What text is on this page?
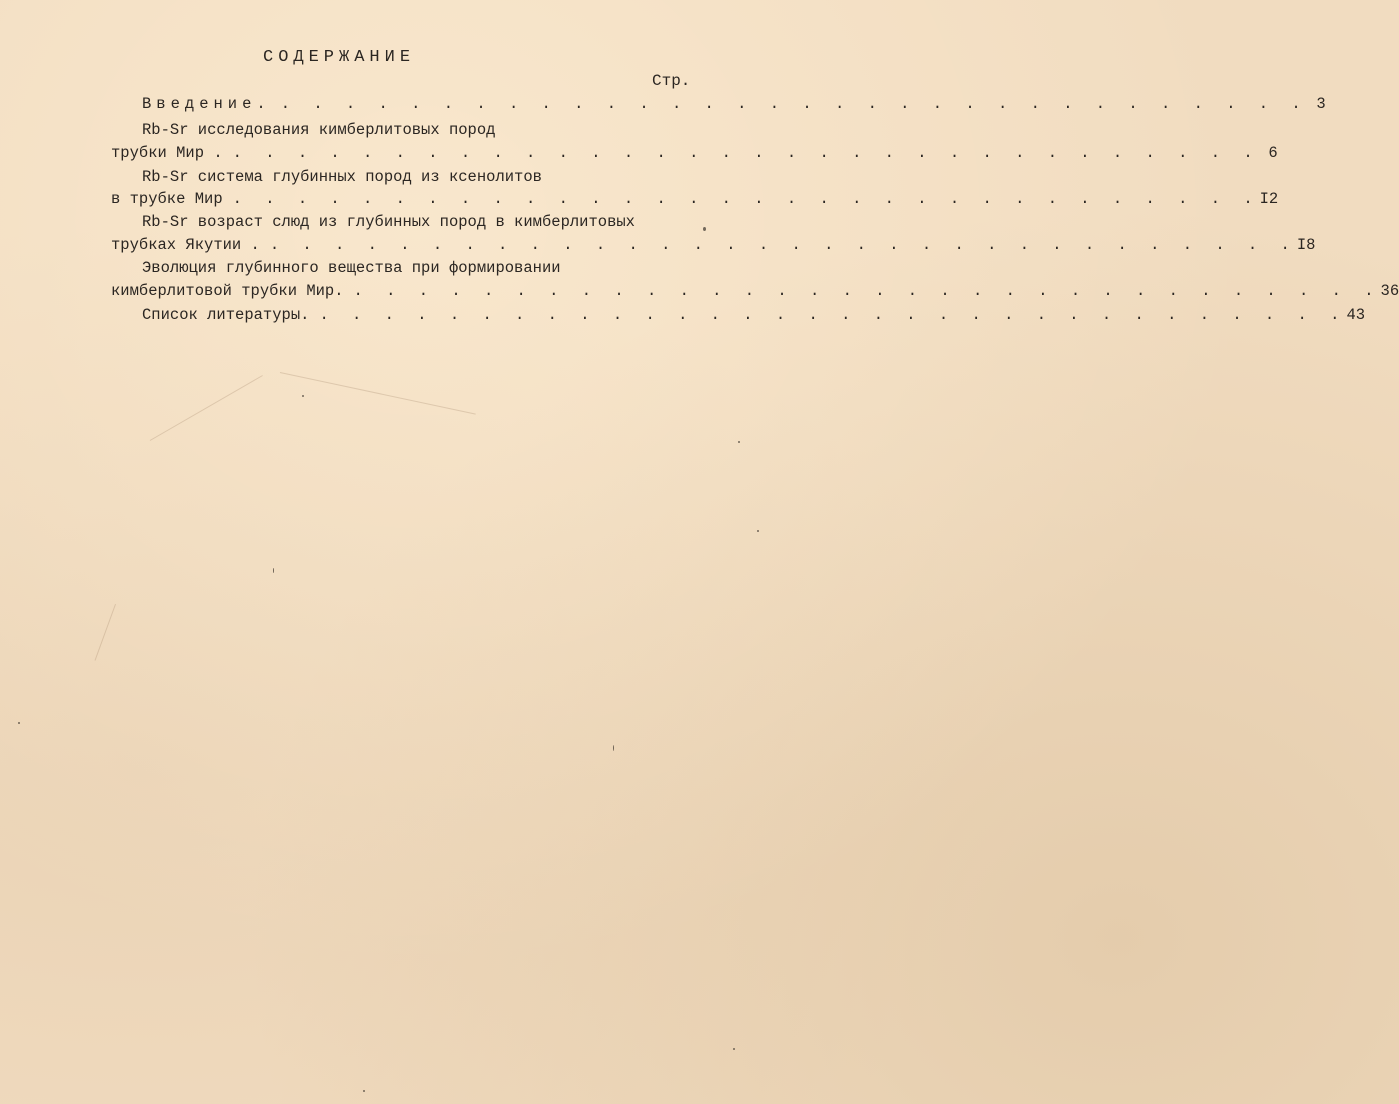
СОДЕРЖАНИЕ
Стр.
Введение. . . . . . . . . . . . . . . . . . . . . . . . . . . . . . . . . 3
Rb-Sr исследования кимберлитовых пород
трубки Мир . . . . . . . . . . . . . . . . . . . . . . . . . . . . . . . . . 6
Rb-Sr система глубинных пород из ксенолитов
в трубке Мир . . . . . . . . . . . . . . . . . . . . . . . . . . . . . . . . I2
Rb-Sr возраст слюд из глубинных пород в кимберлитовых
трубках Якутии . . . . . . . . . . . . . . . . . . . . . . . . . . . . . . . . . I8
Эволюция глубинного вещества при формировании
кимберлитовой трубки Мир. . . . . . . . . . . . . . . . . . . . . . . . . . . . . . . . . 36
Список литературы. . . . . . . . . . . . . . . . . . . . . . . . . . . . . . . . . 43
